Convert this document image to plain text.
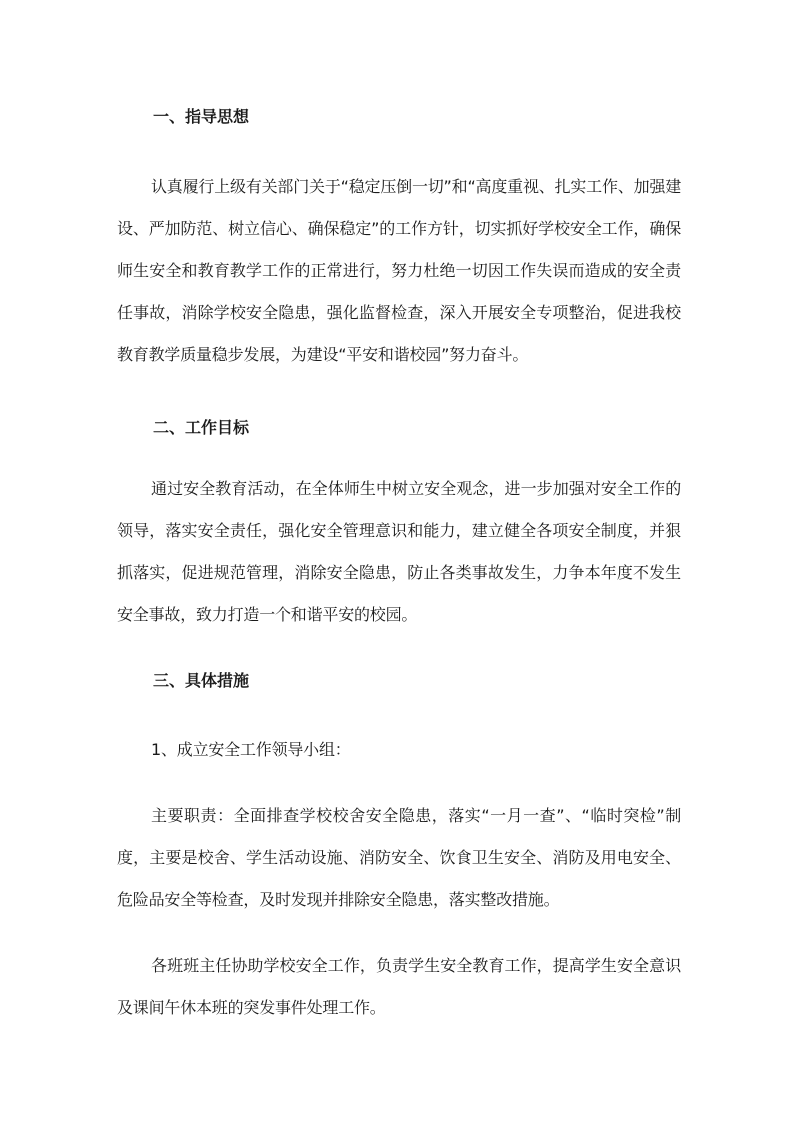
一、指导思想

认真履行上级有关部门关于“稳定压倒一切”和“高度重视、扎实工作、加强建设、严加防范、树立信心、确保稳定”的工作方针，切实抓好学校安全工作，确保师生安全和教育教学工作的正常进行，努力杜绝一切因工作失误而造成的安全责任事故，消除学校安全隐患，强化监督检查，深入开展安全专项整治，促进我校教育教学质量稳步发展，为建设“平安和谐校园”努力奋斗。

二、工作目标

通过安全教育活动，在全体师生中树立安全观念，进一步加强对安全工作的领导，落实安全责任，强化安全管理意识和能力，建立健全各项安全制度，并狠抓落实，促进规范管理，消除安全隐患，防止各类事故发生，力争本年度不发生安全事故，致力打造一个和谐平安的校园。

三、具体措施

1、成立安全工作领导小组：

主要职责：全面排查学校校舍安全隐患，落实“一月一查”、“临时突检”制度，主要是校舍、学生活动设施、消防安全、饮食卫生安全、消防及用电安全、危险品安全等检查，及时发现并排除安全隐患，落实整改措施。

各班班主任协助学校安全工作，负责学生安全教育工作，提高学生安全意识及课间午休本班的突发事件处理工作。
